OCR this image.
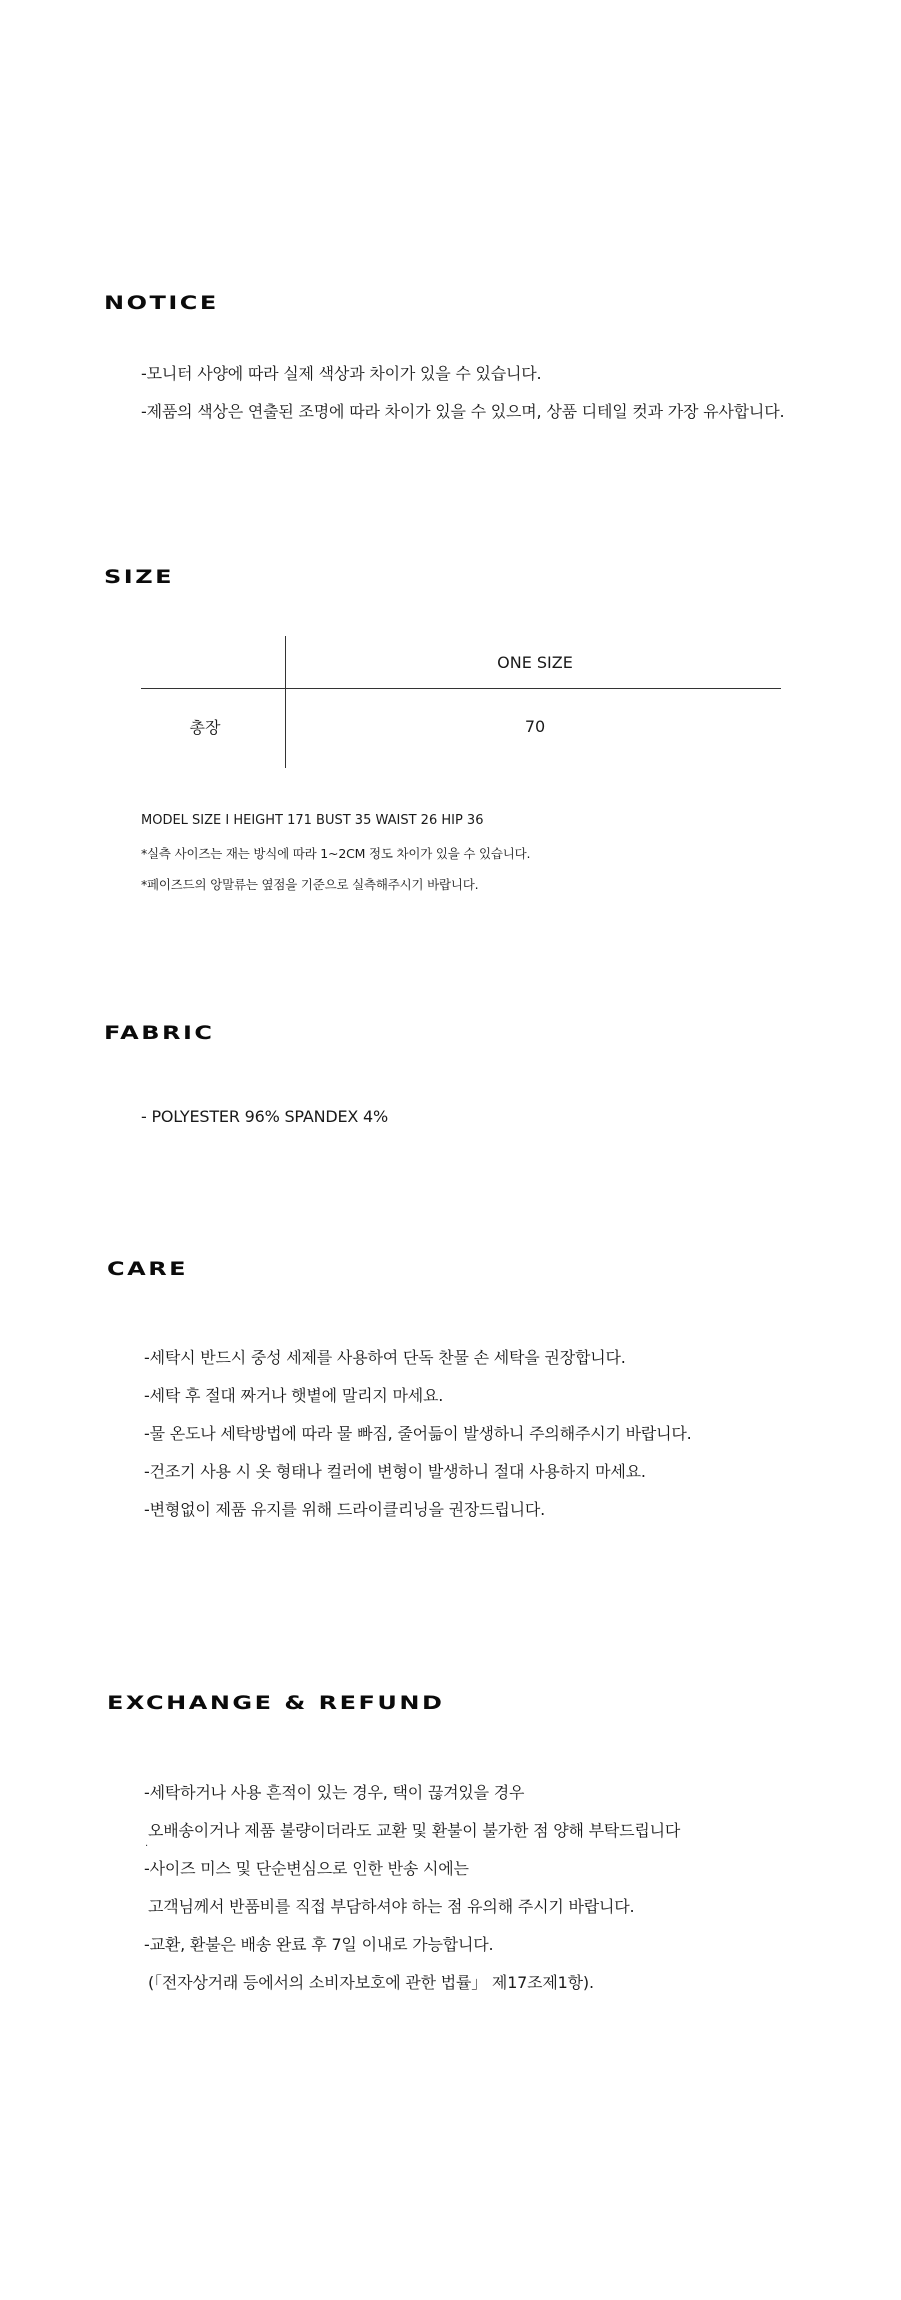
NOTICE

-모니터 사양에 따라 실제 색상과 차이가 있을 수 있습니다.

-제품의 색상은 연출된 조명에 따라 차이가 있을 수 있으며, 상품 디테일 컷과 가장 유사합니다.

SIZE
ONE SIZE
총장	70

MODEL SIZE I HEIGHT 171 BUST 35 WAIST 26 HIP 36

*실측 사이즈는 재는 방식에 따라 1~2CM 정도 차이가 있을 수 있습니다.

*페이즈드의 앙말류는 옆점을 기준으로 실측해주시기 바랍니다.

FABRIC

- POLYESTER 96% SPANDEX 4%

CARE

-세탁시 반드시 중성 세제를 사용하여 단독 찬물 손 세탁을 권장합니다.

-세탁 후 절대 짜거나 햇볕에 말리지 마세요.

-물 온도나 세탁방법에 따라 물 빠짐, 줄어듦이 발생하니 주의해주시기 바랍니다.

-건조기 사용 시 옷 형태나 컬러에 변형이 발생하니 절대 사용하지 마세요.

-변형없이 제품 유지를 위해 드라이클리닝을 권장드립니다.

EXCHANGE & REFUND

-세탁하거나 사용 흔적이 있는 경우, 택이 끊겨있을 경우

오배송이거나 제품 불량이더라도 교환 및 환불이 불가한 점 양해 부탁드립니다

.

-사이즈 미스 및 단순변심으로 인한 반송 시에는

고객님께서 반품비를 직접 부담하셔야 하는 점 유의해 주시기 바랍니다.

-교환, 환불은 배송 완료 후 7일 이내로 가능합니다.

(「전자상거래 등에서의 소비자보호에 관한 법률」 제17조제1항).
